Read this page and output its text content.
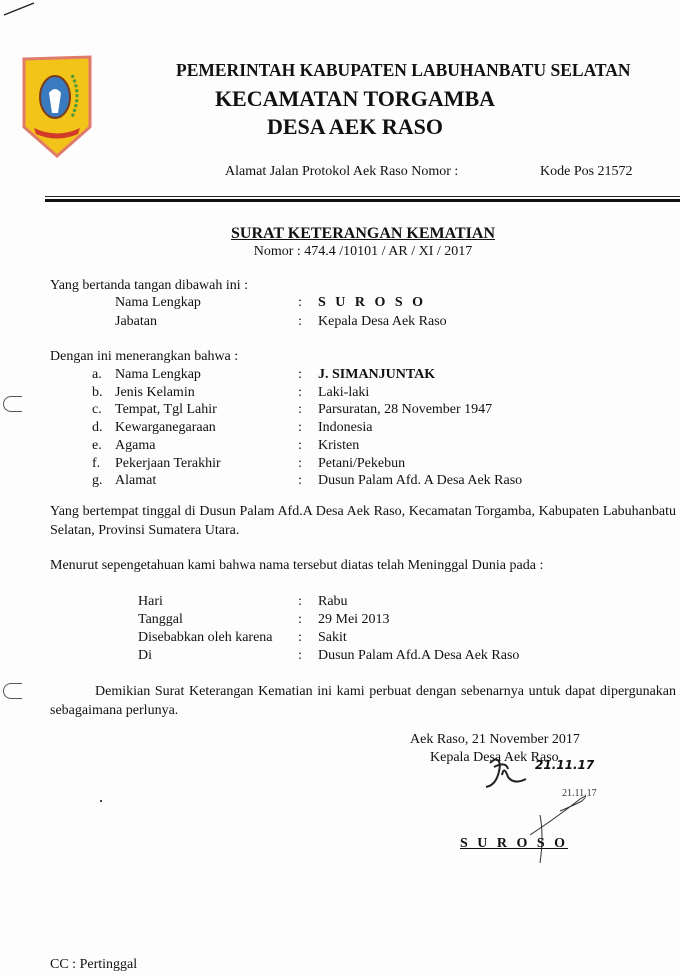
PEMERINTAH KABUPATEN LABUHANBATU SELATAN
KECAMATAN TORGAMBA
DESA AEK RASO
Alamat Jalan Protokol Aek Raso Nomor :	Kode Pos 21572
SURAT KETERANGAN KEMATIAN
Nomor : 474.4 /10101 / AR / XI / 2017
Yang bertanda tangan dibawah ini :
Nama Lengkap	: S U R O S O
Jabatan	: Kepala Desa Aek Raso
Dengan ini menerangkan bahwa :
a. Nama Lengkap	: J. SIMANJUNTAK
b. Jenis Kelamin	: Laki-laki
c. Tempat, Tgl Lahir	: Parsuratan, 28 November 1947
d. Kewarganegaraan	: Indonesia
e. Agama	: Kristen
f. Pekerjaan Terakhir	: Petani/Pekebun
g. Alamat	: Dusun Palam Afd. A Desa Aek Raso
Yang bertempat tinggal di Dusun Palam Afd.A Desa Aek Raso, Kecamatan Torgamba, Kabupaten Labuhanbatu Selatan, Provinsi Sumatera Utara.
Menurut sepengetahuan kami bahwa nama tersebut diatas telah Meninggal Dunia pada :
Hari	: Rabu
Tanggal	: 29 Mei 2013
Disebabkan oleh karena : Sakit
Di	: Dusun Palam Afd.A Desa Aek Raso
Demikian Surat Keterangan Kematian ini kami perbuat dengan sebenarnya untuk dapat dipergunakan sebagaimana perlunya.
Aek Raso, 21 November 2017
Kepala Desa Aek Raso
21.11.17
21.11.17
S U R O S O
CC : Pertinggal
